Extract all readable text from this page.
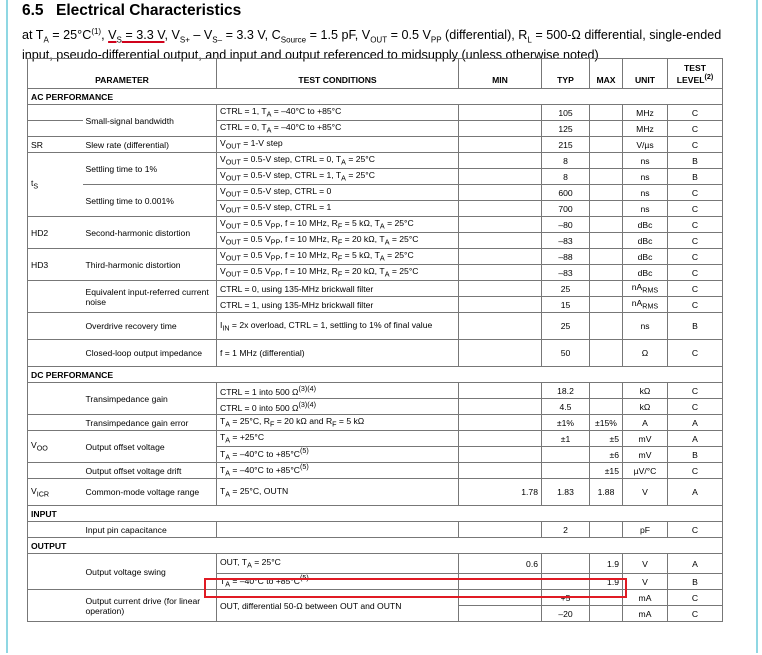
6.5 Electrical Characteristics
at $T_A = 25^\circ C^{(1)}$, $V_S = 3.3$ V, $V_{S+} - V_{S-} = 3.3$ V, $C_{Source} = 1.5$ pF, $V_{OUT} = 0.5$ $V_{PP}$ (differential), $R_L = 500-\Omega$ differential, single-ended input, pseudo-differential output, and input and output referenced to midsupply (unless otherwise noted)
PARAMETER		TEST CONDITIONS	MIN	TYP	MAX	UNIT	TEST LEVEL$^{(2)}$
AC PERFORMANCE							
	Small-signal bandwidth	CTRL = 1, $T_A = -40^\circ C$ to +85°C		105		MHz	C
		CTRL = 0, $T_A = -40^\circ C$ to +85°C		125		MHz	C
SR	Slew rate (differential)	$V_{OUT} = 1-V$ step		215		V/µs	C
$t_S$	Settling time to 1%	$V_{OUT} = 0.5-V$ step, CTRL = 0, $T_A = 25^\circ C$		8		ns	B
		$V_{OUT} = 0.5-V$ step, CTRL = 1, $T_A = 25^\circ C$		8		ns	B
	Settling time to 0.001%	$V_{OUT} = 0.5-V$ step, CTRL = 0		600		ns	C
		$V_{OUT} = 0.5-V$ step, CTRL = 1		700		ns	C
HD2	Second-harmonic distortion	$V_{OUT} = 0.5$ $V_{PP}$, f = 10 MHz, $R_F = 5$ kΩ, $T_A = 25^\circ C$		–80		dBc	C
		$V_{OUT} = 0.5$ $V_{PP}$, f = 10 MHz, $R_F = 20$ kΩ, $T_A = 25^\circ C$		–83		dBc	C
HD3	Third-harmonic distortion	$V_{OUT} = 0.5$ $V_{PP}$, f = 10 MHz, $R_F = 5$ kΩ, $T_A = 25^\circ C$		–88		dBc	C
		$V_{OUT} = 0.5$ $V_{PP}$, f = 10 MHz, $R_F = 20$ kΩ, $T_A = 25^\circ C$		–83		dBc	C
	Equivalent input-referred current noise	CTRL = 0, using 135-MHz brickwall filter		25		$nA_{RMS}$	C
		CTRL = 1, using 135-MHz brickwall filter		15		$nA_{RMS}$	C
	Overdrive recovery time	$I_{IN} = 2x$ overload, CTRL = 1, settling to 1% of final value		25		ns	B
	Closed-loop output impedance	f = 1 MHz (differential)		50		Ω	C
DC PERFORMANCE							
	Transimpedance gain	CTRL = 1 into 500 $\Omega^{(3)(4)}$		18.2		kΩ	C
		CTRL = 0 into 500 $\Omega^{(3)(4)}$		4.5		kΩ	C
	Transimpedance gain error	$T_A = 25^\circ C$, $R_F = 20$ kΩ and $R_F = 5$ kΩ		±1%	±15%	A	A
$V_{OO}$	Output offset voltage	$T_A = +25^\circ C$		±1	±5	mV	A
		$T_A = -40^\circ C$ to $+85^\circ C^{(5)}$			±6	mV	B
	Output offset voltage drift	$T_A = -40^\circ C$ to $+85^\circ C^{(5)}$			±15	µV/°C	C
$V_{ICR}$	Common-mode voltage range	$T_A = 25^\circ C$, OUTN	1.78	1.83	1.88	V	A
INPUT							
	Input pin capacitance			2		pF	C
OUTPUT							
	Output voltage swing	OUT, $T_A = 25^\circ C$	0.6		1.9	V	A
		$T_A = -40^\circ C$ to $+85^\circ C^{(5)}$			1.9	V	B
	Output current drive (for linear operation)	OUT, differential 50-Ω between OUT and OUTN		+5		mA	C
				–20		mA	C
